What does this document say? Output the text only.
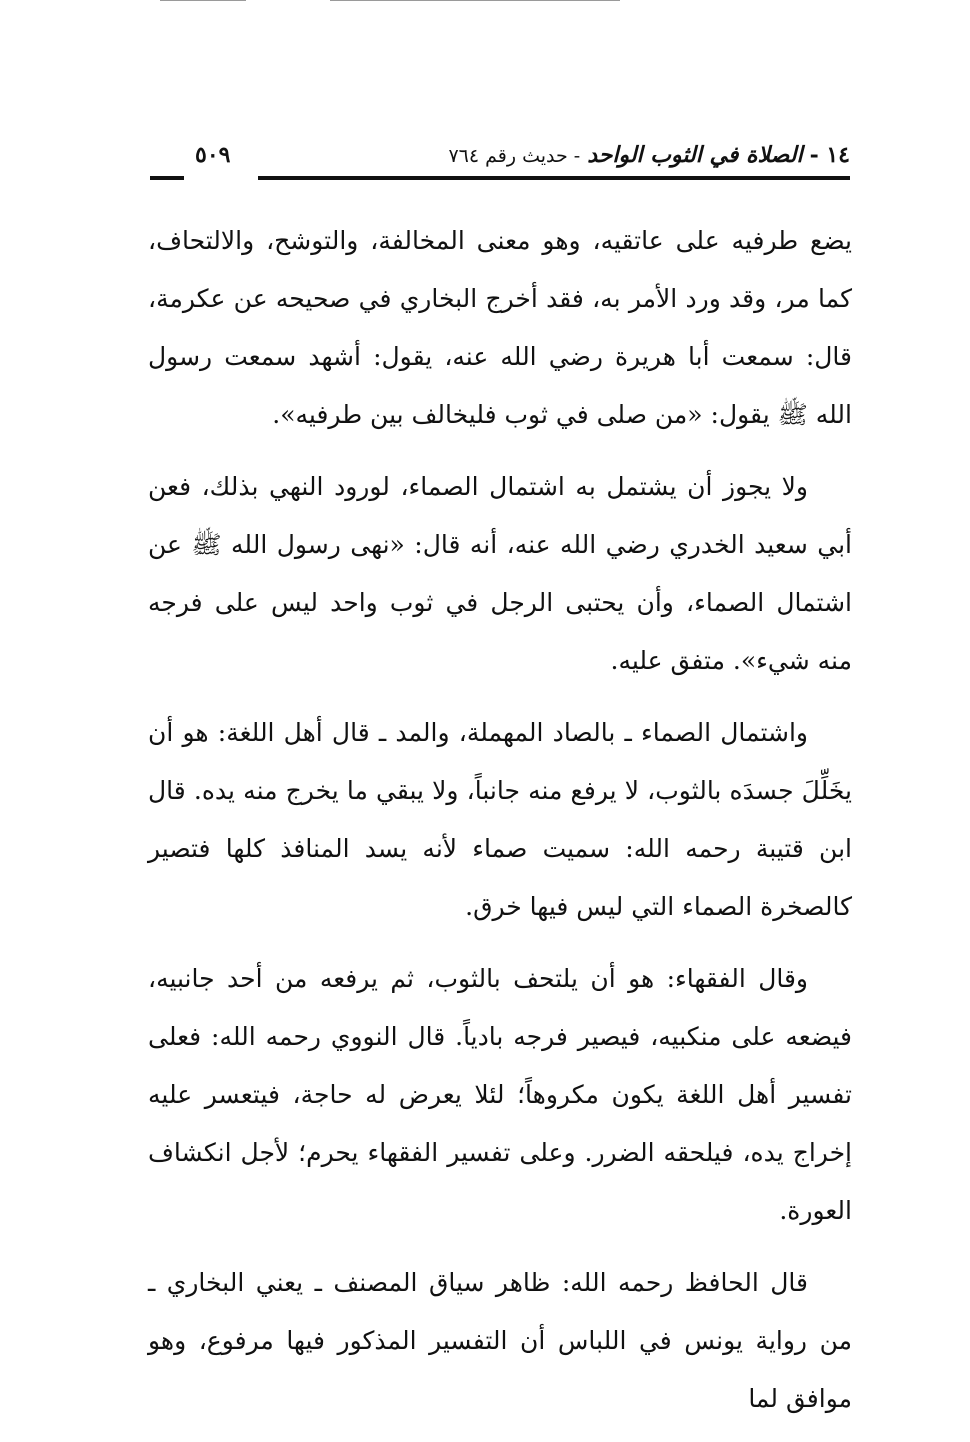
١٤ - الصلاة في الثوب الواحد - حديث رقم ٧٦٤
٥٠٩

يضع طرفيه على عاتقيه، وهو معنى المخالفة، والتوشح، والالتحاف، كما مر، وقد ورد الأمر به، فقد أخرج البخاري في صحيحه عن عكرمة، قال: سمعت أبا هريرة رضي الله عنه، يقول: أشهد سمعت رسول الله ﷺ يقول: «من صلى في ثوب فليخالف بين طرفيه».

ولا يجوز أن يشتمل به اشتمال الصماء، لورود النهي بذلك، فعن أبي سعيد الخدري رضي الله عنه، أنه قال: «نهى رسول الله ﷺ عن اشتمال الصماء، وأن يحتبى الرجل في ثوب واحد ليس على فرجه منه شيء». متفق عليه.

واشتمال الصماء ـ بالصاد المهملة، والمد ـ قال أهل اللغة: هو أن يخَلِّلَ جسدَه بالثوب، لا يرفع منه جانباً، ولا يبقي ما يخرج منه يده. قال ابن قتيبة رحمه الله: سميت صماء لأنه يسد المنافذ كلها فتصير كالصخرة الصماء التي ليس فيها خرق.

وقال الفقهاء: هو أن يلتحف بالثوب، ثم يرفعه من أحد جانبيه، فيضعه على منكبيه، فيصير فرجه بادياً. قال النووي رحمه الله: فعلى تفسير أهل اللغة يكون مكروهاً؛ لئلا يعرض له حاجة، فيتعسر عليه إخراج يده، فيلحقه الضرر. وعلى تفسير الفقهاء يحرم؛ لأجل انكشاف العورة.

قال الحافظ رحمه الله: ظاهر سياق المصنف ـ يعني البخاري ـ من رواية يونس في اللباس أن التفسير المذكور فيها مرفوع، وهو موافق لما
